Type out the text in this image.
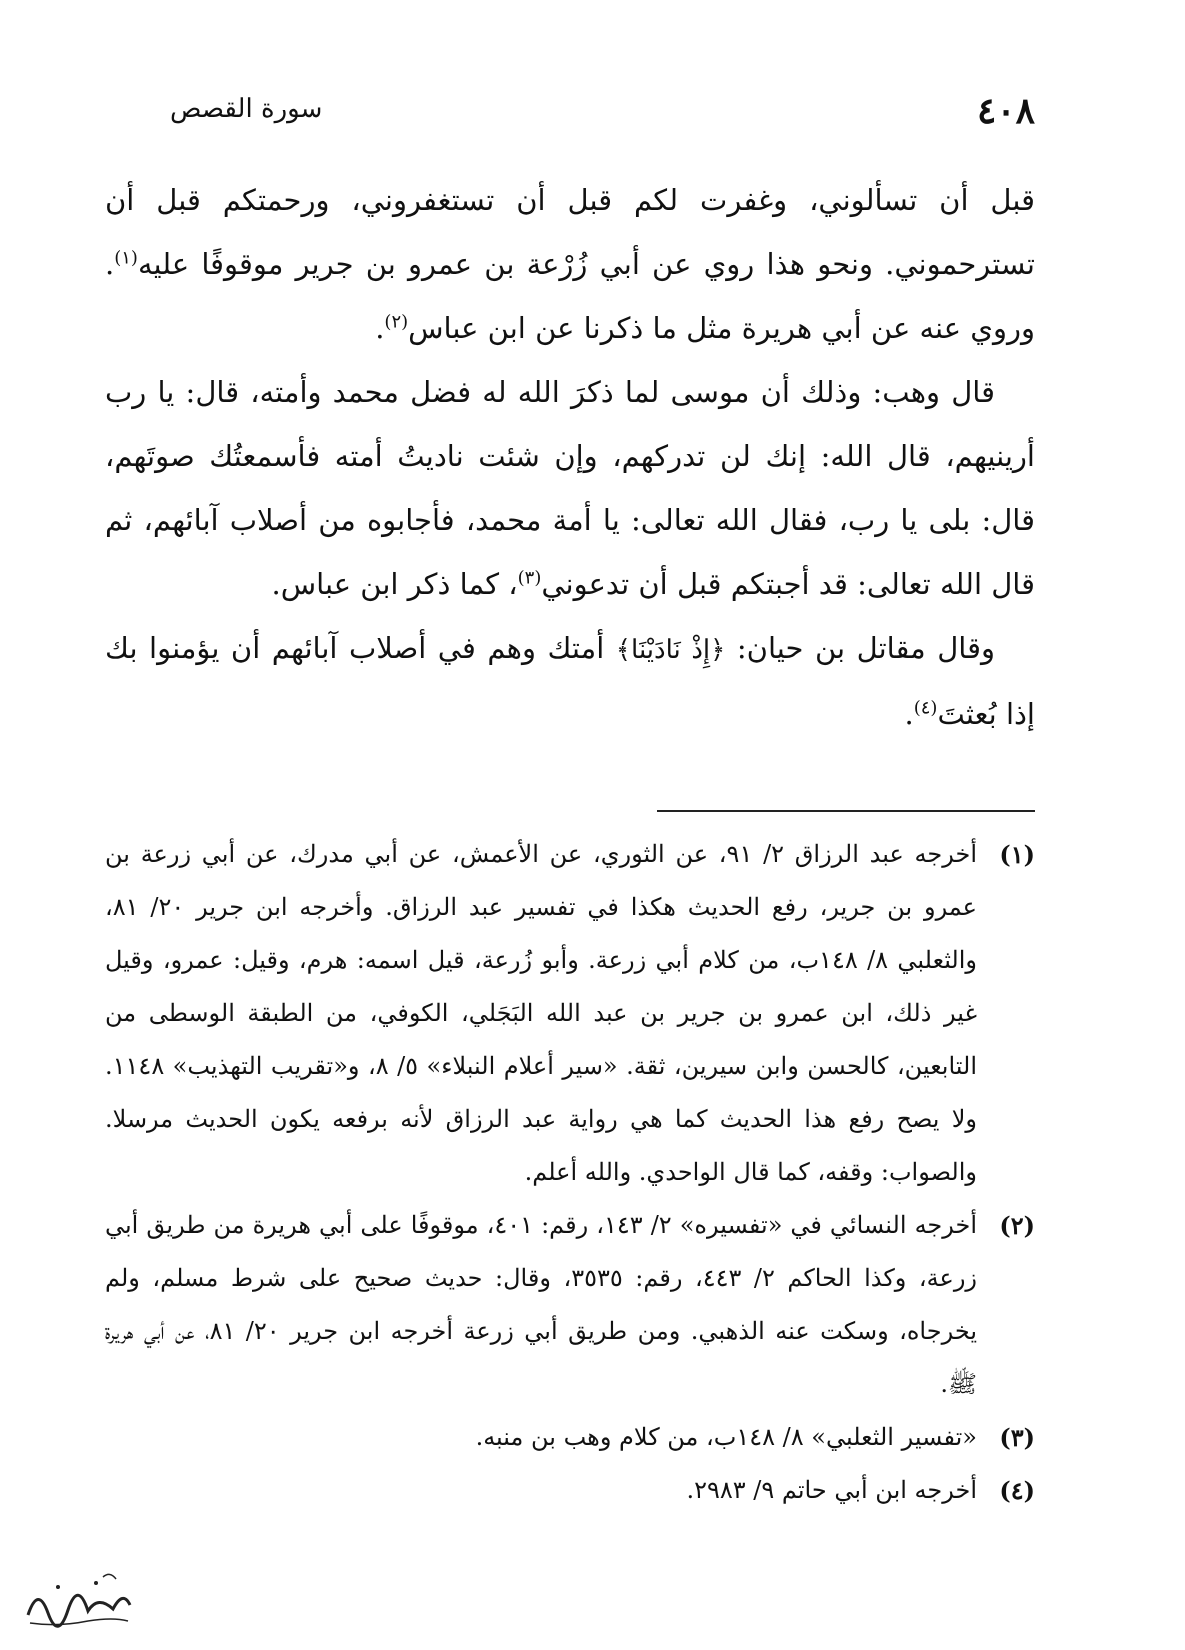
٤٠٨
سورة القصص

قبل أن تسألوني، وغفرت لكم قبل أن تستغفروني، ورحمتكم قبل أن تسترحموني. ونحو هذا روي عن أبي زُرْعة بن عمرو بن جرير موقوفًا عليه$^{(١)}$. وروي عنه عن أبي هريرة مثل ما ذكرنا عن ابن عباس$^{(٢)}$.

قال وهب: وذلك أن موسى لما ذكرَ الله له فضل محمد وأمته، قال: يا رب أرينيهم، قال الله: إنك لن تدركهم، وإن شئت ناديتُ أمته فأسمعتُك صوتَهم، قال: بلى يا رب، فقال الله تعالى: يا أمة محمد، فأجابوه من أصلاب آبائهم، ثم قال الله تعالى: قد أجبتكم قبل أن تدعوني$^{(٣)}$، كما ذكر ابن عباس.

وقال مقاتل بن حيان: ﴿إِذْ نَادَيْنَا﴾ أمتك وهم في أصلاب آبائهم أن يؤمنوا بك إذا بُعثتَ$^{(٤)}$.

(١)
أخرجه عبد الرزاق ٢/ ٩١، عن الثوري، عن الأعمش، عن أبي مدرك، عن أبي زرعة بن عمرو بن جرير، رفع الحديث هكذا في تفسير عبد الرزاق. وأخرجه ابن جرير ٢٠/ ٨١، والثعلبي ٨/ ١٤٨ب، من كلام أبي زرعة. وأبو زُرعة، قيل اسمه: هرم، وقيل: عمرو، وقيل غير ذلك، ابن عمرو بن جرير بن عبد الله البَجَلي، الكوفي، من الطبقة الوسطى من التابعين، كالحسن وابن سيرين، ثقة. «سير أعلام النبلاء» ٥/ ٨، و«تقريب التهذيب» ١١٤٨. ولا يصح رفع هذا الحديث كما هي رواية عبد الرزاق لأنه برفعه يكون الحديث مرسلا. والصواب: وقفه، كما قال الواحدي. والله أعلم.
(٢)
أخرجه النسائي في «تفسيره» ٢/ ١٤٣، رقم: ٤٠١، موقوفًا على أبي هريرة من طريق أبي زرعة، وكذا الحاكم ٢/ ٤٤٣، رقم: ٣٥٣٥، وقال: حديث صحيح على شرط مسلم، ولم يخرجاه، وسكت عنه الذهبي. ومن طريق أبي زرعة أخرجه ابن جرير ٢٠/ ٨١، عن أبي هريرة ﷺ.
(٣)
«تفسير الثعلبي» ٨/ ١٤٨ب، من كلام وهب بن منبه.
(٤)
أخرجه ابن أبي حاتم ٩/ ٢٩٨٣.
